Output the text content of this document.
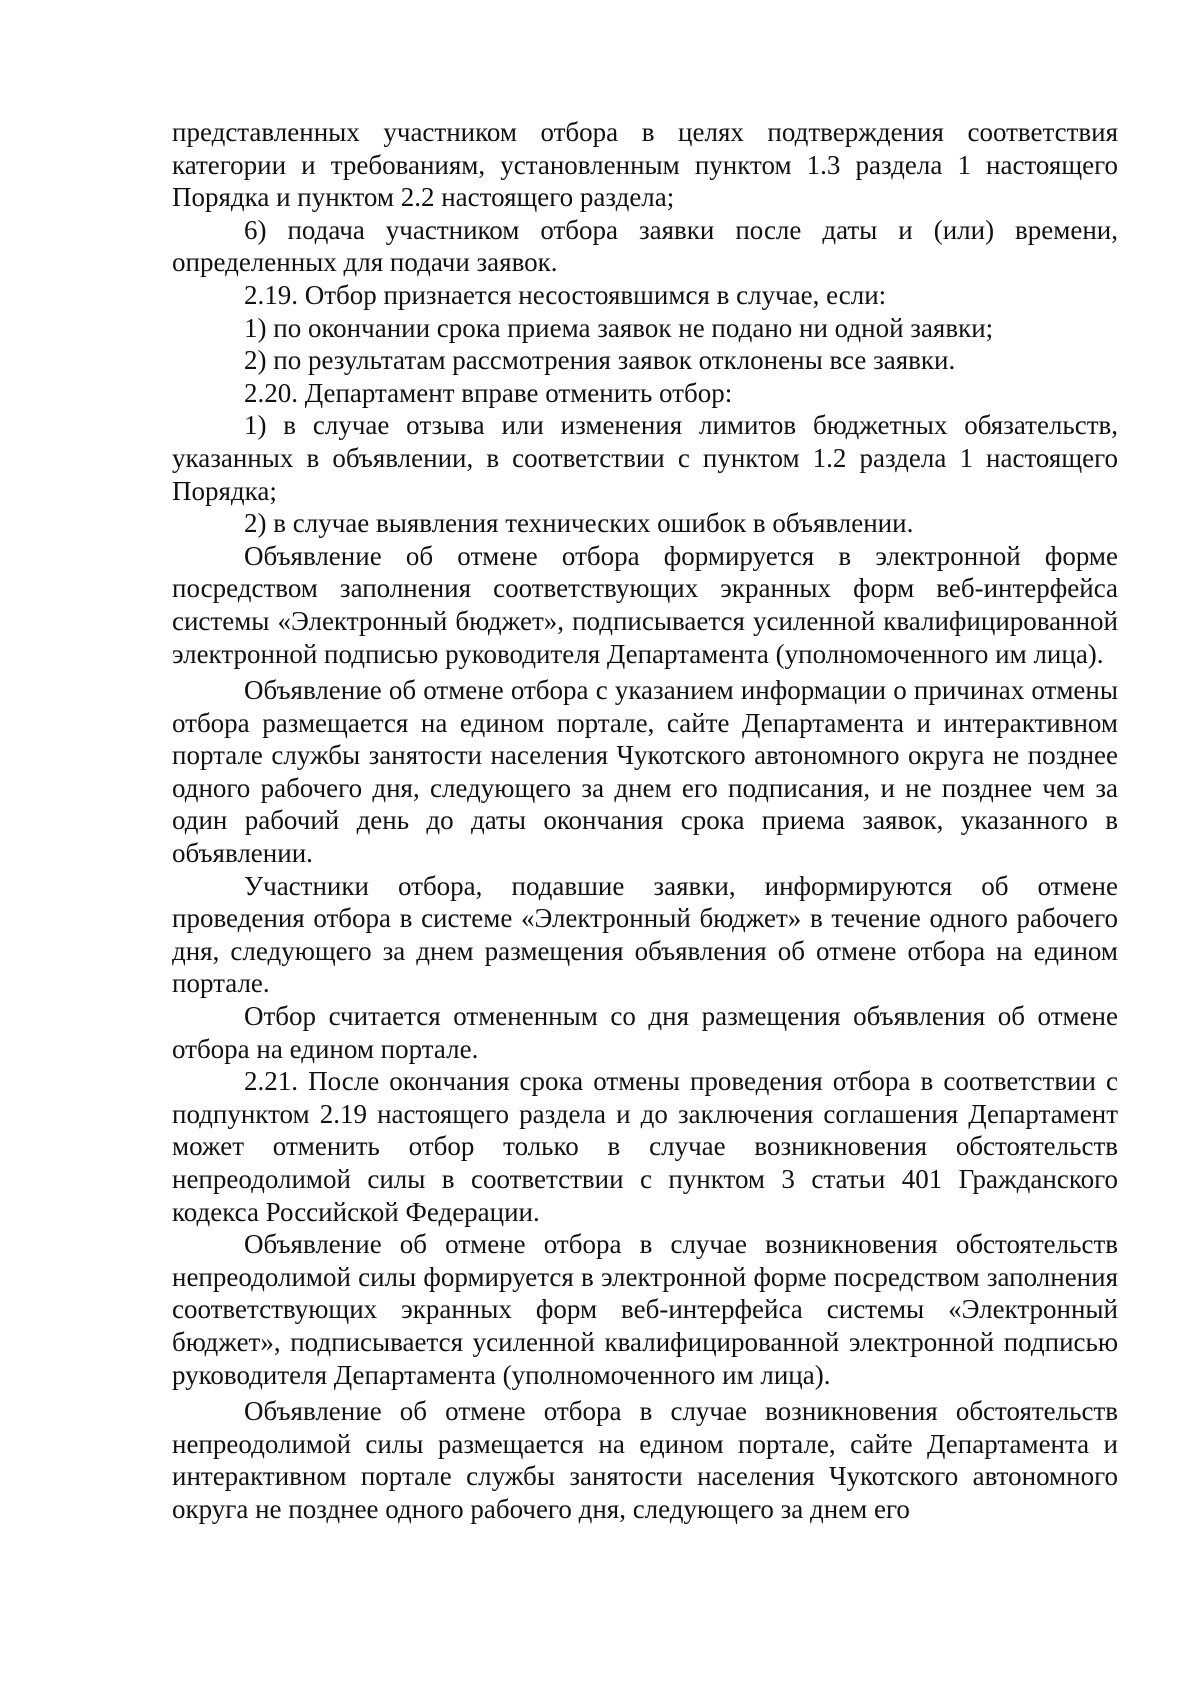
представленных участником отбора в целях подтверждения соответствия категории и требованиям, установленным пунктом 1.3 раздела 1 настоящего Порядка и пунктом 2.2 настоящего раздела;

6) подача участником отбора заявки после даты и (или) времени, определенных для подачи заявок.

2.19. Отбор признается несостоявшимся в случае, если:

1) по окончании срока приема заявок не подано ни одной заявки;

2) по результатам рассмотрения заявок отклонены все заявки.

2.20. Департамент вправе отменить отбор:

1) в случае отзыва или изменения лимитов бюджетных обязательств, указанных в объявлении, в соответствии с пунктом 1.2 раздела 1 настоящего Порядка;

2) в случае выявления технических ошибок в объявлении.

Объявление об отмене отбора формируется в электронной форме посредством заполнения соответствующих экранных форм веб-интерфейса системы «Электронный бюджет», подписывается усиленной квалифицированной электронной подписью руководителя Департамента (уполномоченного им лица).

Объявление об отмене отбора с указанием информации о причинах отмены отбора размещается на едином портале, сайте Департамента и интерактивном портале службы занятости населения Чукотского автономного округа не позднее одного рабочего дня, следующего за днем его подписания, и не позднее чем за один рабочий день до даты окончания срока приема заявок, указанного в объявлении.

Участники отбора, подавшие заявки, информируются об отмене проведения отбора в системе «Электронный бюджет» в течение одного рабочего дня, следующего за днем размещения объявления об отмене отбора на едином портале.

Отбор считается отмененным со дня размещения объявления об отмене отбора на едином портале.

2.21. После окончания срока отмены проведения отбора в соответствии с подпунктом 2.19 настоящего раздела и до заключения соглашения Департамент может отменить отбор только в случае возникновения обстоятельств непреодолимой силы в соответствии с пунктом 3 статьи 401 Гражданского кодекса Российской Федерации.

Объявление об отмене отбора в случае возникновения обстоятельств непреодолимой силы формируется в электронной форме посредством заполнения соответствующих экранных форм веб-интерфейса системы «Электронный бюджет», подписывается усиленной квалифицированной электронной подписью руководителя Департамента (уполномоченного им лица).

Объявление об отмене отбора в случае возникновения обстоятельств непреодолимой силы размещается на едином портале, сайте Департамента и интерактивном портале службы занятости населения Чукотского автономного округа не позднее одного рабочего дня, следующего за днем его
